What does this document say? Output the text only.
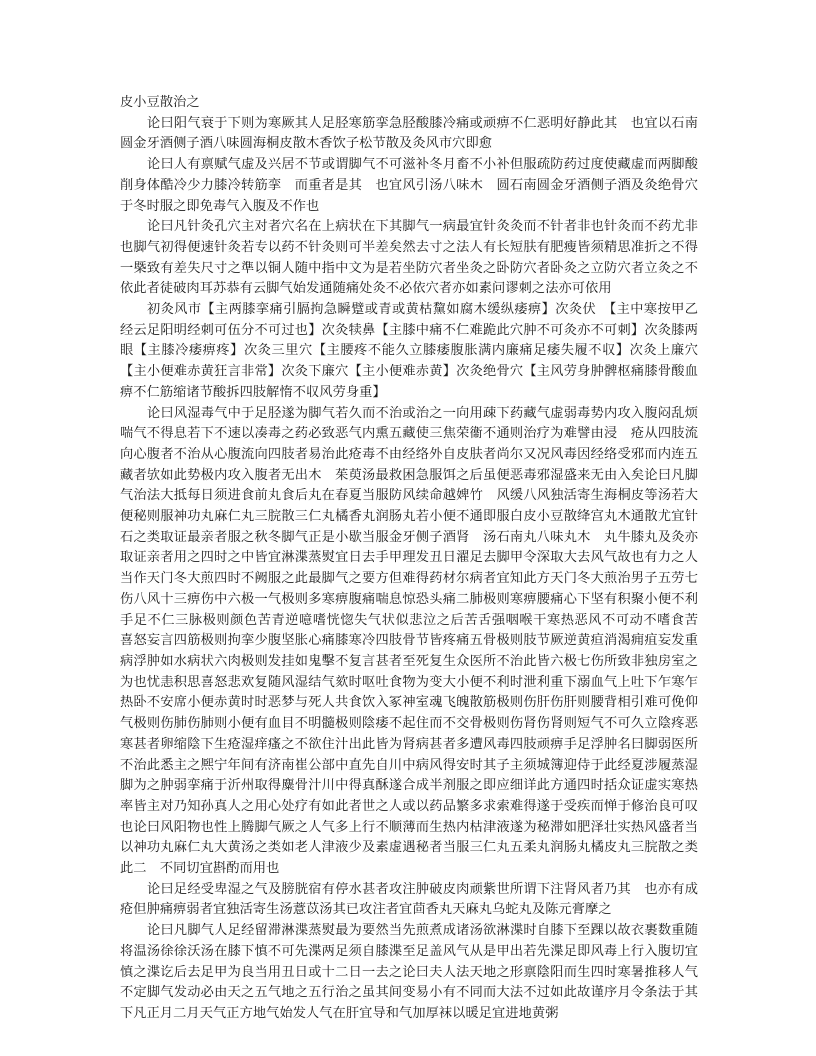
皮小豆散治之

论曰阳气衰于下则为寒厥其人足胫寒筋挛急胫酸膝冷痛或顽痹不仁恶明好静此其　也宜以石南圆金牙酒侧子酒八味圆海桐皮散木香饮子松节散及灸风市穴即愈

论曰人有禀赋气虚及兴居不节或谓脚气不可滋补冬月畜不小补但服疏防药过度使藏虚而两脚酸削身体酷冷少力膝冷转筋挛　而重者是其　也宜风引汤八味木　圆石南圆金牙酒侧子酒及灸绝骨穴于冬时服之即免毒气入腹及不作也

论曰凡针灸孔穴主对者穴名在上病状在下其脚气一病最宜针灸灸而不针者非也针灸而不药尤非也脚气初得便速针灸若专以药不针灸则可半差矣然去寸之法人有长短肤有肥瘦皆须精思准折之不得一槩致有差失尺寸之準以铜人随中指中文为是若坐防穴者坐灸之卧防穴者卧灸之立防穴者立灸之不依此者徒破肉耳苏恭有云脚气始发通随痛处灸不必依穴者亦如素问谬刺之法亦可依用

初灸风市【主两膝挛痛引膈拘急瞬躄或青或黄枯黧如腐木缓纵痿痹】次灸伏　【主中寒按甲乙经云足阳明经刺可伍分不可过也】次灸犊鼻【主膝中痛不仁难跪此穴肿不可灸亦不可刺】次灸膝两眼【主膝冷痿痹疼】次灸三里穴【主腰疼不能久立膝痿腹胀满内廉痛足痿失履不収】次灸上廉穴【主小便难赤黄狂言非常】次灸下廉穴【主小便难赤黄】次灸绝骨穴【主风劳身肿髀枢痛膝骨酸血痹不仁筋缩诸节酸拆四肢解惰不収风劳身重】

论曰风湿毒气中于足胫遂为脚气若久而不治或治之一向用疎下药藏气虚弱毒势内攻入腹闷乱烦喘气不得息若下不速以凑毒之药必致恶气内熏五藏使三焦荣衞不通则治疗为难譬由浸　疮从四肢流向心腹者不治从心腹流向四肢者易治此疮毒不由经络外自皮肤者尚尔又况风毒因经络受邪而内连五藏者欤如此势极内攻入腹者无出木　茱萸汤最救困急服饵之后虽便恶毒邪湿盛来无由入矣论曰凡脚气治法大抵每日须进食前丸食后丸在春夏当服防风续命越婢竹　风缓八风独活寄生海桐皮等汤若大便秘则服神功丸麻仁丸三脘散三仁丸橘香丸润肠丸若小便不通即服白皮小豆散绛宫丸木通散尤宜针石之类取证最亲者服之秋冬脚气正是小歇当服金牙侧子酒肾　汤石南丸八味丸木　丸牛膝丸及灸亦取证亲者用之四时之中皆宜淋渫蒸熨宜日去手甲理发丑日濯足去脚甲令深取大去风气故也有力之人当作天门冬大煎四时不阙服之此最脚气之要方但难得药材尔病者宜知此方天门冬大煎治男子五劳七伤八风十三痹伤中六极一气极则多寒痹腹痛喘息惊恐头痛二肺极则寒痹腰痛心下坚有积聚小便不利手足不仁三脉极则颜色苦青逆噫嗜恍惚失气状似悲泣之后苦舌强咽喉干寒热恶风不可动不嗜食苦　喜怒妄言四筋极则拘挛少腹坚胀心痛膝寒冷四肢骨节皆疼痛五骨极则肢节厥逆黄疸消渴痈疽妄发重病浮肿如水病状六肉极则发挂如鬼擊不复言甚者至死复生众医所不治此皆六极七伤所致非独房室之为也忧恚积思喜怒悲欢复随风湿结气欬时呕吐食物为变大小便不利时泄利重下溺血气上吐下乍寒乍热卧不安席小便赤黄时时恶梦与死人共食饮入冢神室魂飞魄散筋极则伤肝伤肝则腰背相引难可俛仰气极则伤肺伤肺则小便有血目不明髓极则陰痿不起住而不交骨极则伤肾伤肾则短气不可久立陰疼恶寒甚者卵缩陰下生疮湿痒瘙之不欲住汁出此皆为肾病甚者多遭风毒四肢顽痹手足浮肿名曰脚弱医所不治此悉主之熈宁年间有济南崔公部中直先自川中病风得安时其子主须城簿迎侍于此经夏涉履蒸湿脚为之肿弱挛痛于沂州取得麋骨汁川中得真酥遂合成半剂服之即应细详此方通四时括众证虚实寒热率皆主对乃知孙真人之用心处疗有如此者世之人或以药品繁多求索难得遂于受疾而惮于修治良可叹也论曰风阳物也性上腾脚气厥之人气多上行不顺薄而生热内枯津液遂为秘滞如肥泽壮实热风盛者当以神功丸麻仁丸大黄汤之类如老人津液少及素虚遇秘者当服三仁丸五柔丸润肠丸橘皮丸三脘散之类此二　不同切宜斟酌而用也

论曰足经受卑湿之气及膀胱宿有停水甚者攻注肿破皮肉顽紫世所谓下注肾风者乃其　也亦有成疮但肿痛痹弱者宜独活寄生汤薏苡汤其已攻注者宜茴香丸天麻丸乌蛇丸及陈元膏摩之

论曰凡脚气人足经留滞淋渫蒸熨最为要然当先煎煮成诸汤欲淋渫时自膝下至踝以故衣裹数重随将温汤徐徐沃汤在膝下慎不可先渫两足须自膝渫至足盖风气从是甲出若先渫足即风毒上行入腹切宜慎之渫讫后去足甲为良当用丑日或十二日一去之论曰夫人法天地之形禀陰阳而生四时寒暑推移人气不定脚气发动必由天之五气地之五行治之虽其间变易小有不同而大法不过如此故谨序月令条法于其下凡正月二月天气正方地气始发人气在肝宜导和气加厚袜以暖足宜进地黄粥
